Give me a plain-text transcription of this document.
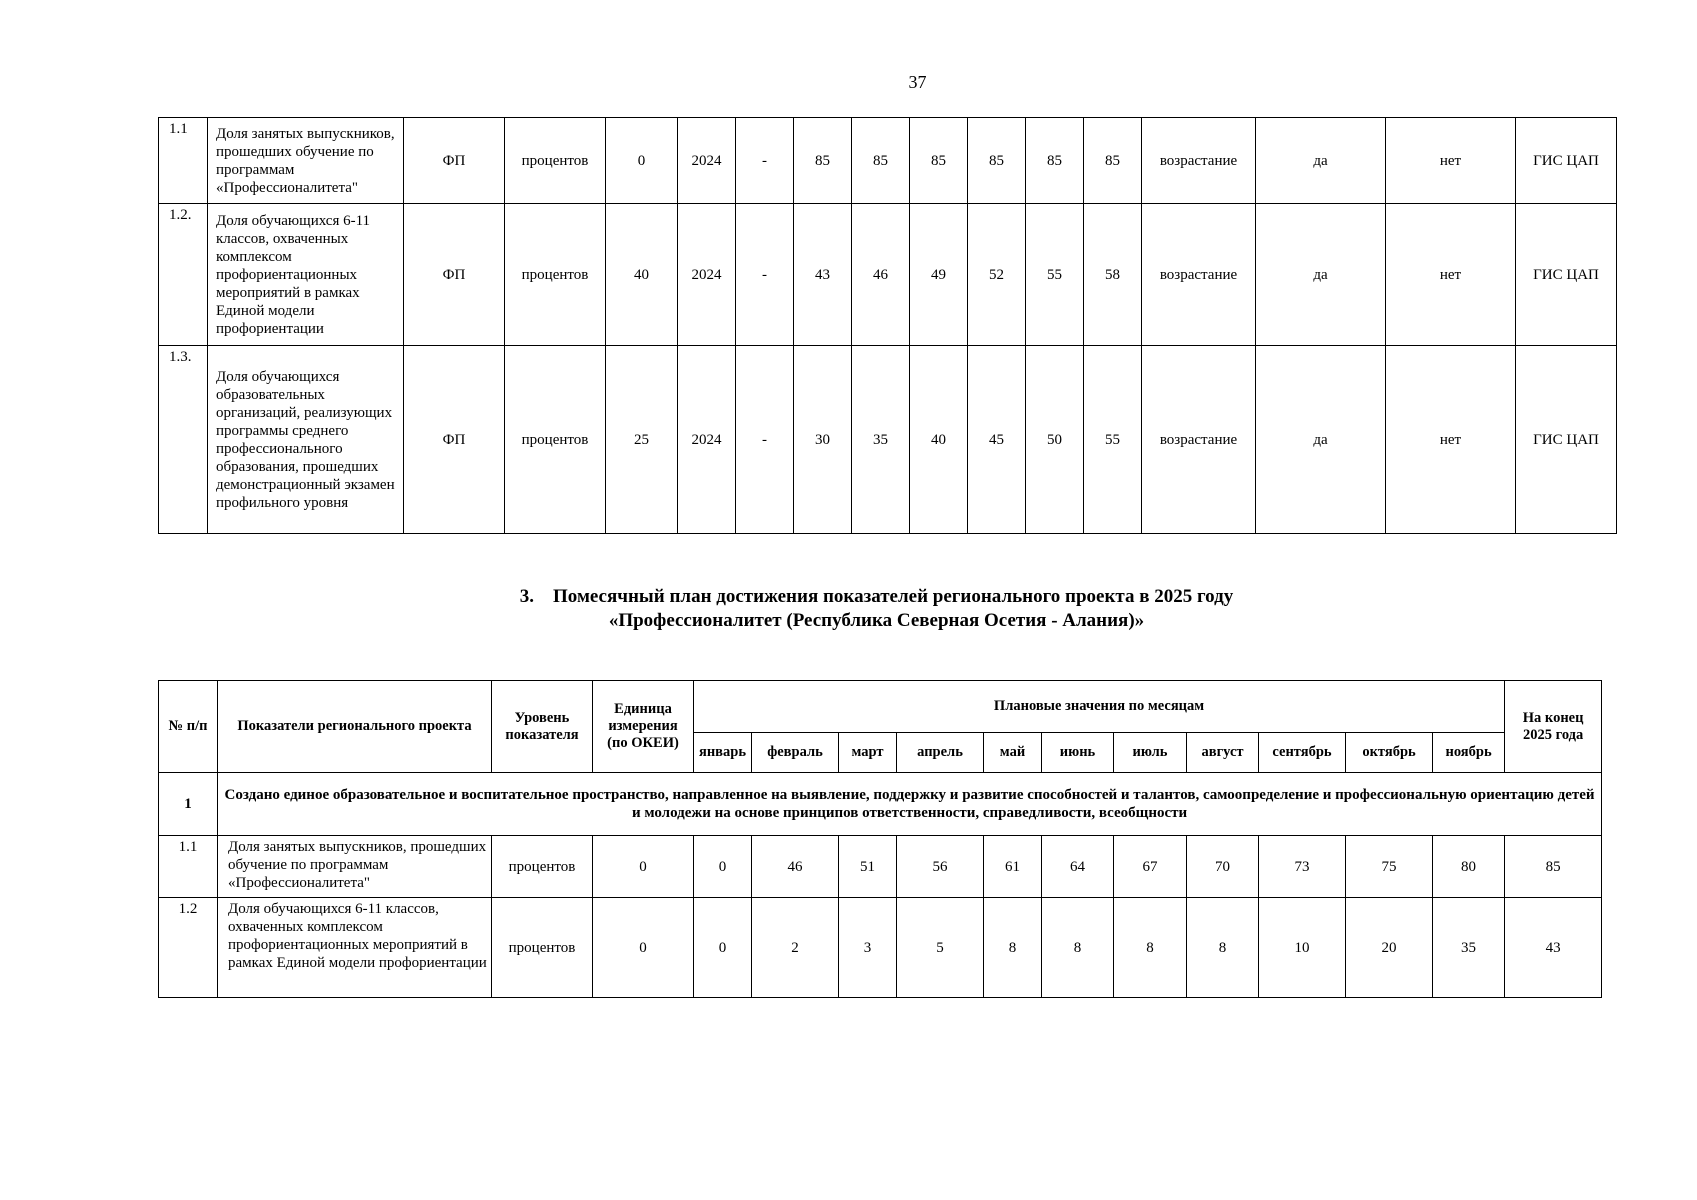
37
1.1	Доля занятых выпускников, прошедших обучение по программам «Профессионалитета"	ФП	процентов	0	2024	-	85	85	85	85	85	85	возрастание	да	нет	ГИС ЦАП
1.2.	Доля обучающихся 6-11 классов, охваченных комплексом профориентационных мероприятий в рамках Единой модели профориентации	ФП	процентов	40	2024	-	43	46	49	52	55	58	возрастание	да	нет	ГИС ЦАП
1.3.	Доля обучающихся образовательных организаций, реализующих программы среднего профессионального образования, прошедших демонстрационный экзамен профильного уровня	ФП	процентов	25	2024	-	30	35	40	45	50	55	возрастание	да	нет	ГИС ЦАП
3. Помесячный план достижения показателей регионального проекта в 2025 году
«Профессионалитет (Республика Северная Осетия - Алания)»
№ п/п	Показатели регионального проекта	Уровень показателя	Единица измерения (по ОКЕИ)	Плановые значения по месяцам											На конец 2025 года
				январь	февраль	март	апрель	май	июнь	июль	август	сентябрь	октябрь	ноябрь	
1	Создано единое образовательное и воспитательное пространство, направленное на выявление, поддержку и развитие способностей и талантов, самоопределение и профессиональную ориентацию детей и молодежи на основе принципов ответственности, справедливости, всеобщности														
1.1	Доля занятых выпускников, прошедших обучение по программам «Профессионалитета"	процентов	0	0	46	51	56	61	64	67	70	73	75	80	85
1.2	Доля обучающихся 6-11 классов, охваченных комплексом профориентационных мероприятий в рамках Единой модели профориентации	процентов	0	0	2	3	5	8	8	8	8	10	20	35	43
